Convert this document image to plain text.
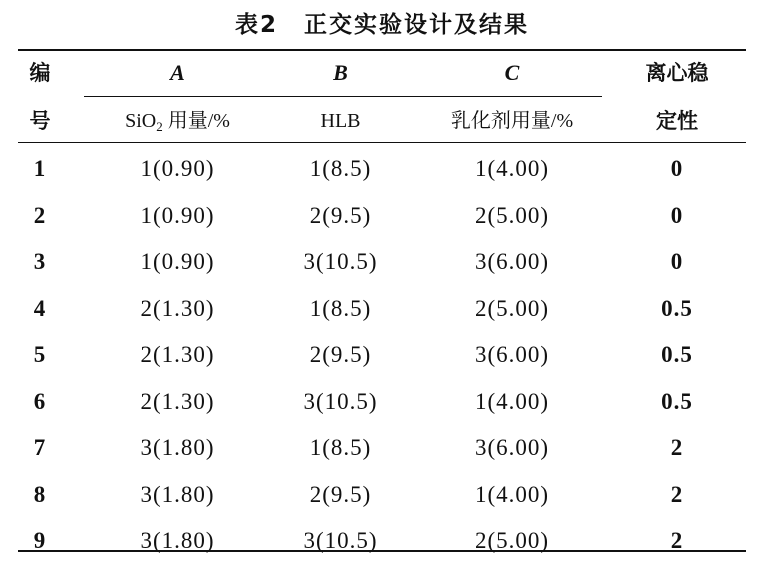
表2 正交实验设计及结果
编	A	B	C	离心稳
号	SiO$_2$ 用量/%	HLB	乳化剂用量/%	定性
1	1(0.90)	1(8.5)	1(4.00)	0
2	1(0.90)	2(9.5)	2(5.00)	0
3	1(0.90)	3(10.5)	3(6.00)	0
4	2(1.30)	1(8.5)	2(5.00)	0.5
5	2(1.30)	2(9.5)	3(6.00)	0.5
6	2(1.30)	3(10.5)	1(4.00)	0.5
7	3(1.80)	1(8.5)	3(6.00)	2
8	3(1.80)	2(9.5)	1(4.00)	2
9	3(1.80)	3(10.5)	2(5.00)	2
